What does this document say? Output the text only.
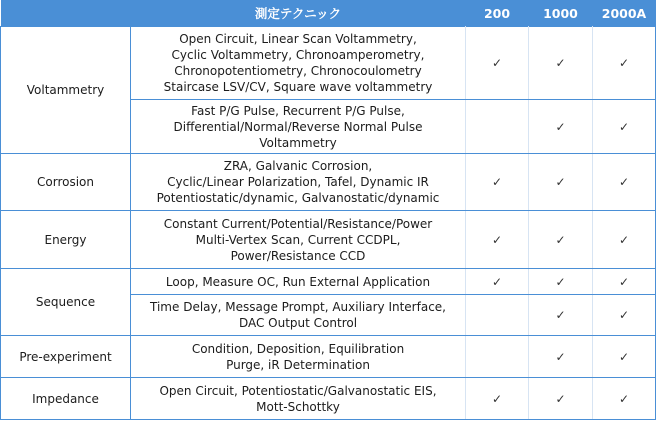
	測定テクニック	200	1000	2000A
Voltammetry	Open Circuit, Linear Scan Voltammetry,
Cyclic Voltammetry, Chronoamperometry,
Chronopotentiometry, Chronocoulometry
Staircase LSV/CV, Square wave voltammetry	✓	✓	✓

	Fast P/G Pulse, Recurrent P/G Pulse,
Differential/Normal/Reverse Normal Pulse
Voltammetry		✓	✓
Corrosion	ZRA, Galvanic Corrosion,
Cyclic/Linear Polarization, Tafel, Dynamic IR
Potentiostatic/dynamic, Galvanostatic/dynamic	✓	✓	✓
Energy	Constant Current/Potential/Resistance/Power
Multi-Vertex Scan, Current CCDPL,
Power/Resistance CCD	✓	✓	✓
Sequence	Loop, Measure OC, Run External Application	✓	✓	✓

	Time Delay, Message Prompt, Auxiliary Interface,
DAC Output Control		✓	✓
Pre-experiment	Condition, Deposition, Equilibration
Purge, iR Determination		✓	✓
Impedance	Open Circuit, Potentiostatic/Galvanostatic EIS,
Mott-Schottky	✓	✓	✓
